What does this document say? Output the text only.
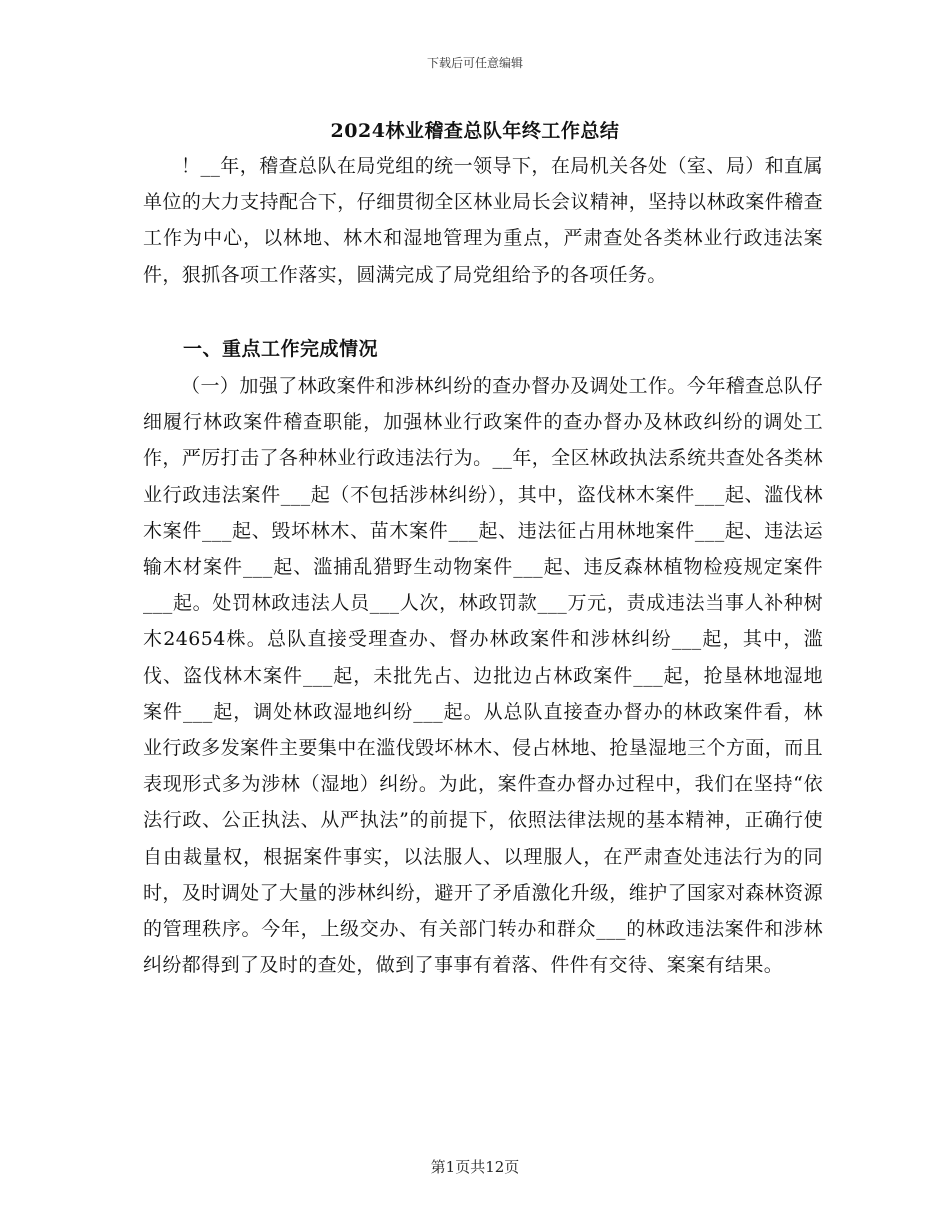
下载后可任意编辑
2024林业稽查总队年终工作总结

！__年，稽查总队在局党组的统一领导下，在局机关各处（室、局）和直属单位的大力支持配合下，仔细贯彻全区林业局长会议精神，坚持以林政案件稽查工作为中心，以林地、林木和湿地管理为重点，严肃查处各类林业行政违法案件，狠抓各项工作落实，圆满完成了局党组给予的各项任务。

一、重点工作完成情况

（一）加强了林政案件和涉林纠纷的查办督办及调处工作。今年稽查总队仔细履行林政案件稽查职能，加强林业行政案件的查办督办及林政纠纷的调处工作，严厉打击了各种林业行政违法行为。__年，全区林政执法系统共查处各类林业行政违法案件___起（不包括涉林纠纷），其中，盗伐林木案件___起、滥伐林木案件___起、毁坏林木、苗木案件___起、违法征占用林地案件___起、违法运输木材案件___起、滥捕乱猎野生动物案件___起、违反森林植物检疫规定案件___起。处罚林政违法人员___人次，林政罚款___万元，责成违法当事人补种树木24654株。总队直接受理查办、督办林政案件和涉林纠纷___起，其中，滥伐、盗伐林木案件___起，未批先占、边批边占林政案件___起，抢垦林地湿地案件___起，调处林政湿地纠纷___起。从总队直接查办督办的林政案件看，林业行政多发案件主要集中在滥伐毁坏林木、侵占林地、抢垦湿地三个方面，而且表现形式多为涉林（湿地）纠纷。为此，案件查办督办过程中，我们在坚持“依法行政、公正执法、从严执法”的前提下，依照法律法规的基本精神，正确行使自由裁量权，根据案件事实，以法服人、以理服人，在严肃查处违法行为的同时，及时调处了大量的涉林纠纷，避开了矛盾激化升级，维护了国家对森林资源的管理秩序。今年，上级交办、有关部门转办和群众___的林政违法案件和涉林纠纷都得到了及时的查处，做到了事事有着落、件件有交待、案案有结果。

第1页共12页
